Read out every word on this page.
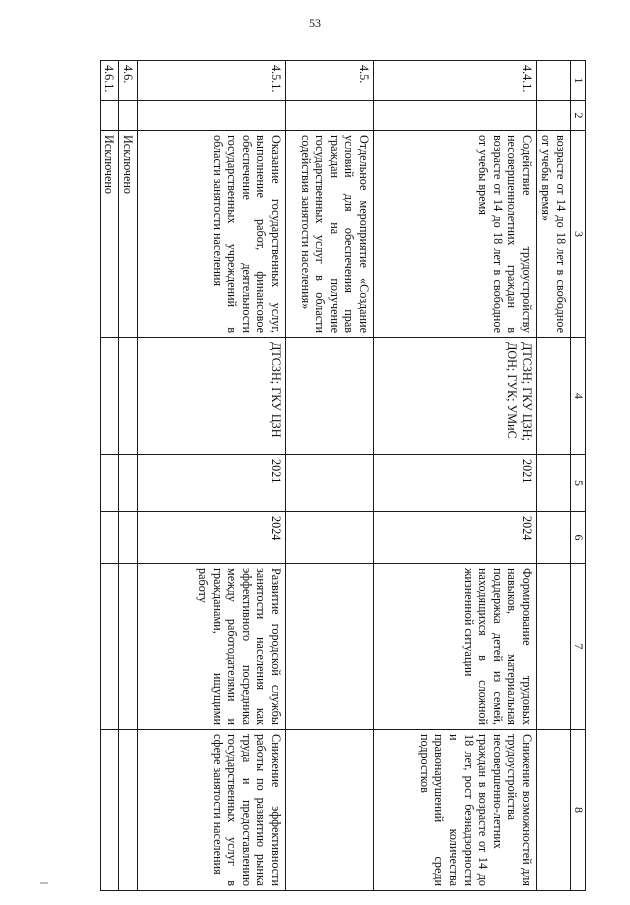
53
1	2	3	4	5	6	7	8
		возрасте от 14 до 18 лет в свободное от учебы время»					
4.4.1.		Содействие трудоустройству несовершеннолетних граждан в возрасте от 14 до 18 лет в свободное от учебы время	ДТСЗН; ГКУ ЦЗН; ДОН; ГУК; УМиС	2021	2024	Формирование трудовых навыков, материальная поддержка детей из семей, находящихся в сложной жизненной ситуации	Снижение возможностей для трудоустройства несовершенно-летних граждан в возрасте от 14 до 18 лет, рост безнадзорности и количества правонарушений среди подростков
4.5.		Отдельное мероприятие «Создание условий для обеспечения прав граждан на получение государственных услуг в области содействия занятости населения»					
4.5.1.		Оказание государственных услуг, выполнение работ, финансовое обеспечение деятельности государственных учреждений в области занятости населения	ДТСЗН; ГКУ ЦЗН	2021	2024	Развитие городской службы занятости населения как эффективного посредника между работодателями и гражданами, ищущими работу	Снижение эффективности работы по развитию рынка труда и предоставлению государственных услуг в сфере занятости населения
4.6.		Исключено					
4.6.1.		Исключено					
